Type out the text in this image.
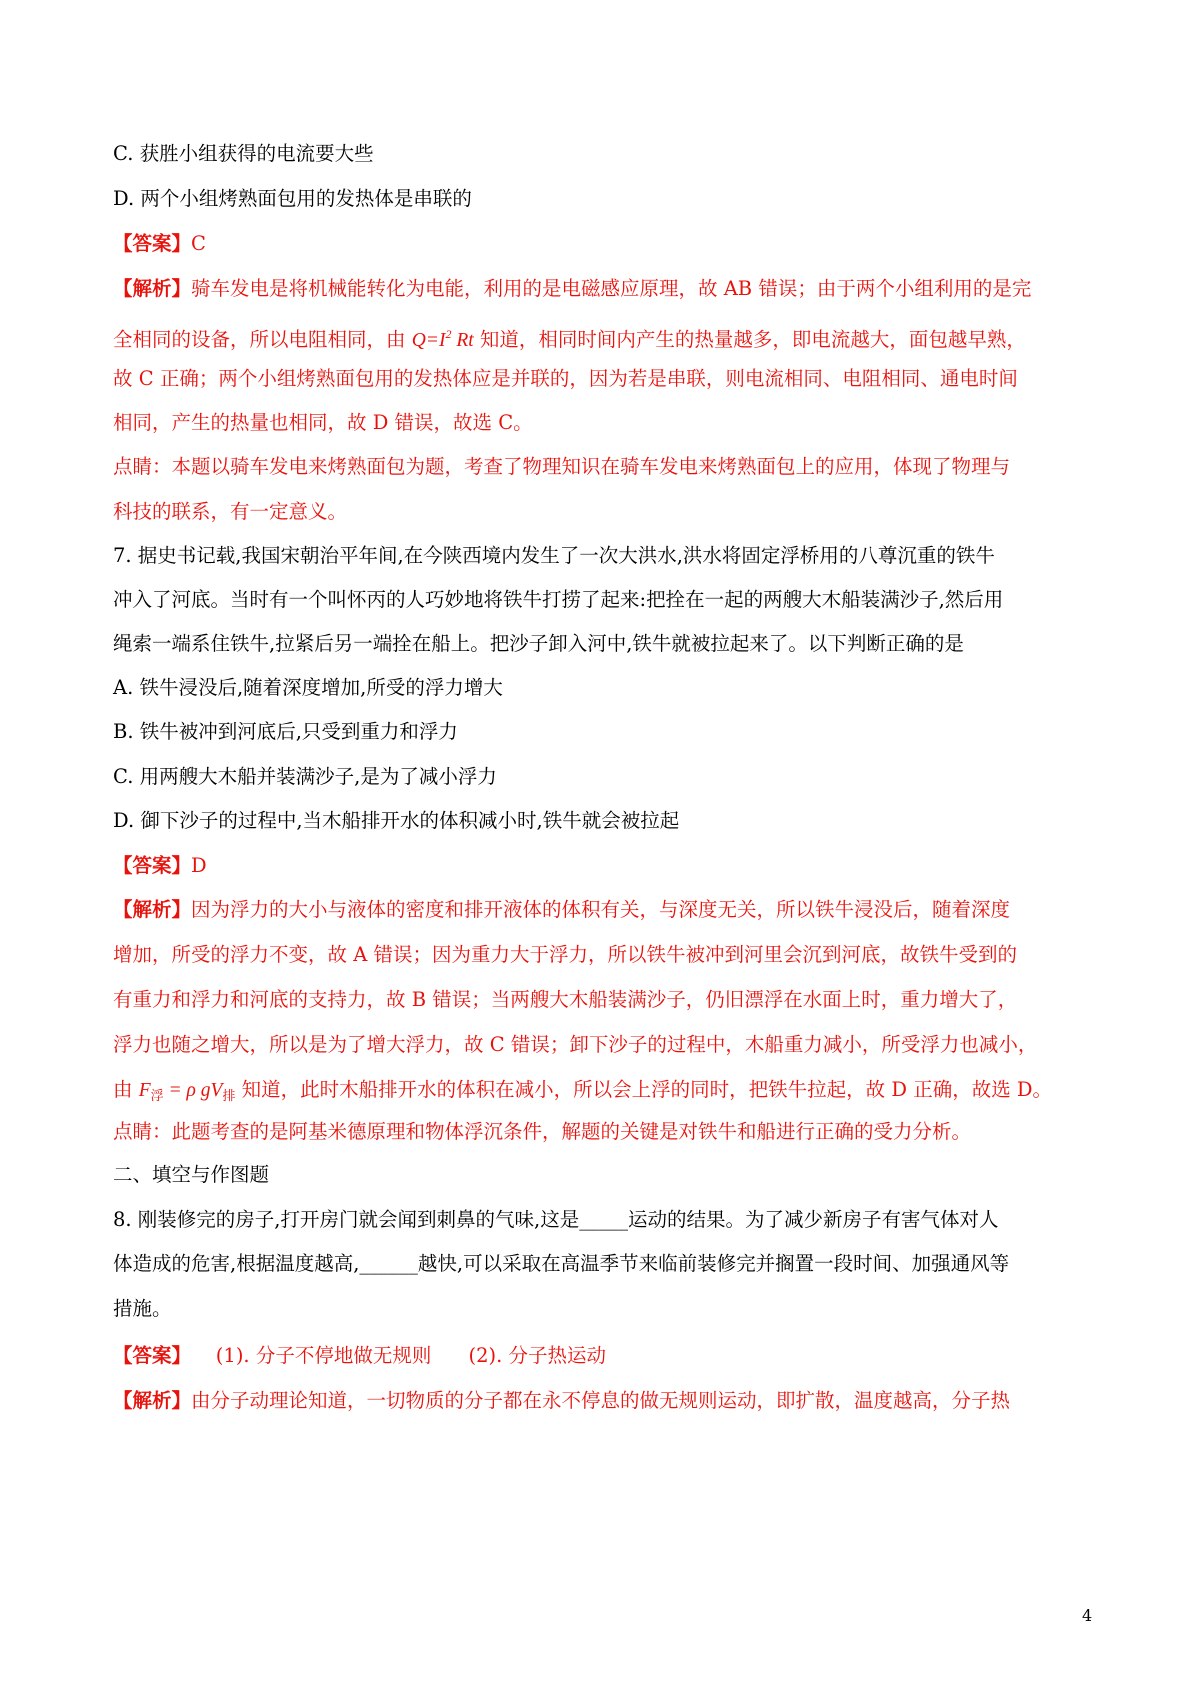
C. 获胜小组获得的电流要大些
D. 两个小组烤熟面包用的发热体是串联的
【答案】C
【解析】骑车发电是将机械能转化为电能，利用的是电磁感应原理，故 AB 错误；由于两个小组利用的是完
全相同的设备，所以电阻相同，由 $Q=I^2$ Rt 知道，相同时间内产生的热量越多，即电流越大，面包越早熟，
故 C 正确；两个小组烤熟面包用的发热体应是并联的，因为若是串联，则电流相同、电阻相同、通电时间
相同，产生的热量也相同，故 D 错误，故选 C。
点睛：本题以骑车发电来烤熟面包为题，考查了物理知识在骑车发电来烤熟面包上的应用，体现了物理与
科技的联系，有一定意义。
7. 据史书记载,我国宋朝治平年间,在今陕西境内发生了一次大洪水,洪水将固定浮桥用的八尊沉重的铁牛
冲入了河底。当时有一个叫怀丙的人巧妙地将铁牛打捞了起来:把拴在一起的两艘大木船装满沙子,然后用
绳索一端系住铁牛,拉紧后另一端拴在船上。把沙子卸入河中,铁牛就被拉起来了。以下判断正确的是
A. 铁牛浸没后,随着深度增加,所受的浮力增大
B. 铁牛被冲到河底后,只受到重力和浮力
C. 用两艘大木船并装满沙子,是为了减小浮力
D. 御下沙子的过程中,当木船排开水的体积减小时,铁牛就会被拉起
【答案】D
【解析】因为浮力的大小与液体的密度和排开液体的体积有关，与深度无关，所以铁牛浸没后，随着深度
增加，所受的浮力不变，故 A 错误；因为重力大于浮力，所以铁牛被冲到河里会沉到河底，故铁牛受到的
有重力和浮力和河底的支持力，故 B 错误；当两艘大木船装满沙子，仍旧漂浮在水面上时，重力增大了，
浮力也随之增大，所以是为了增大浮力，故 C 错误；卸下沙子的过程中，木船重力减小，所受浮力也减小，
由 $F_浮 = \rho$ $gV_排$ 知道，此时木船排开水的体积在减小，所以会上浮的同时，把铁牛拉起，故 D 正确，故选 D。
点睛：此题考查的是阿基米德原理和物体浮沉条件，解题的关键是对铁牛和船进行正确的受力分析。
二、填空与作图题
8. 刚装修完的房子,打开房门就会闻到刺鼻的气味,这是_____运动的结果。为了减少新房子有害气体对人
体造成的危害,根据温度越高,______越快,可以采取在高温季节来临前装修完并搁置一段时间、加强通风等
措施。
【答案】    (1). 分子不停地做无规则      (2). 分子热运动
【解析】由分子动理论知道，一切物质的分子都在永不停息的做无规则运动，即扩散，温度越高，分子热
4
